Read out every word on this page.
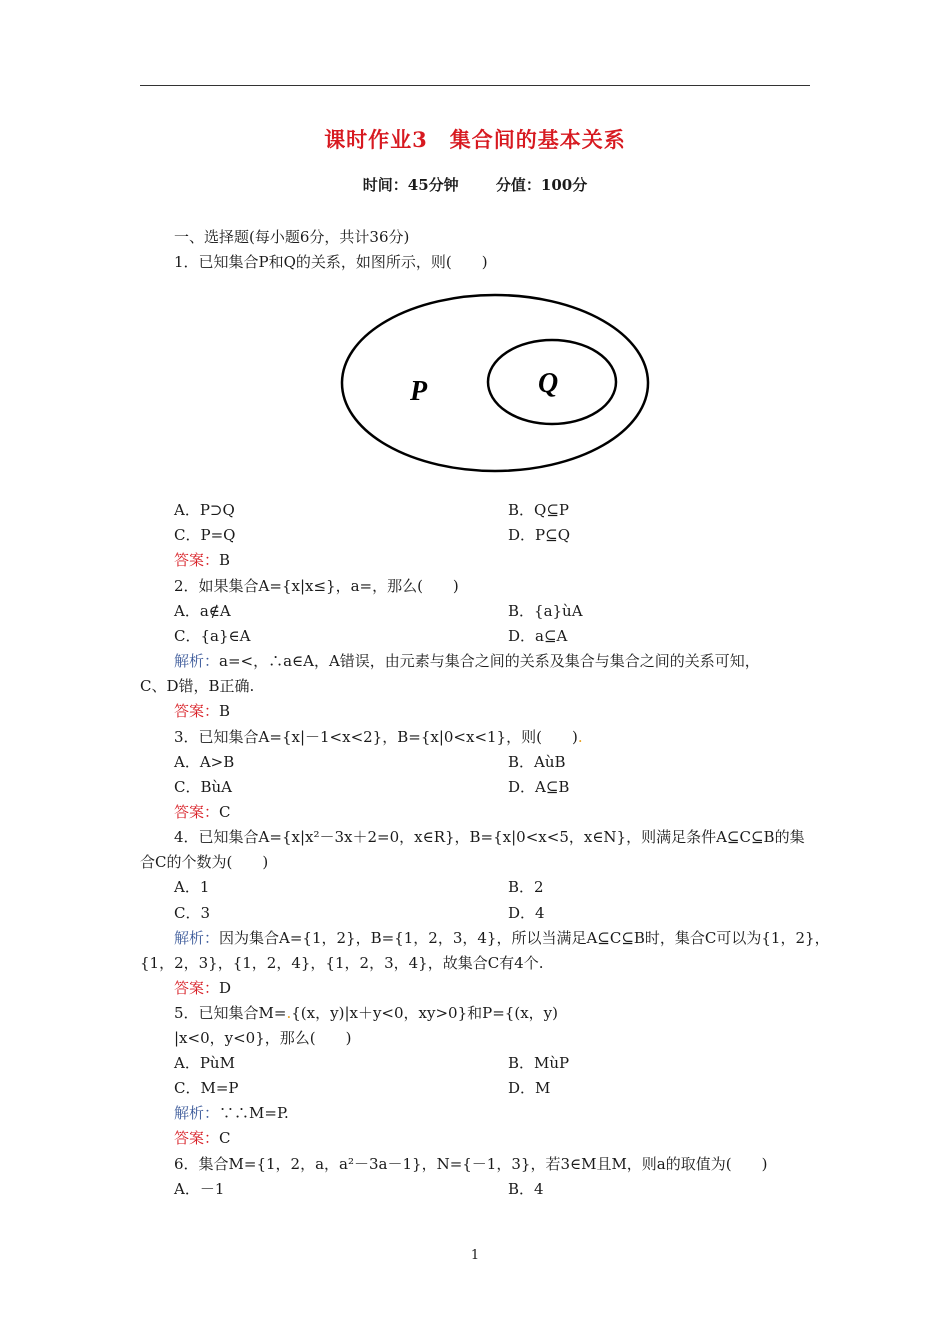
课时作业3　集合间的基本关系
时间：45分钟 分值：100分
一、选择题(每小题6分，共计36分)
1．已知集合P和Q的关系，如图所示，则(　　)
P	Q
A．P⊃Q	B．Q⊆P
C．P=Q	D．P⊆Q
答案：B
2．如果集合A={x|x≤}，a=，那么(　　)
A．a∉A	B．{a}ùA
C．{a}∈A	D．a⊆A
解析：a=<，∴a∈A，A错误，由元素与集合之间的关系及集合与集合之间的关系可知，
C、D错，B正确.
答案：B
3．已知集合A={x|－1<x<2}，B={x|0<x<1}，则(　　).
A．A>B	B．AùB
C．BùA	D．A⊆B
答案：C
4．已知集合A={x|x²－3x＋2=0，x∈R}，B={x|0<x<5，x∈N}，则满足条件A⊆C⊆B的集
合C的个数为(　　)
A．1	B．2
C．3	D．4
解析：因为集合A={1，2}，B={1，2，3，4}，所以当满足A⊆C⊆B时，集合C可以为{1，2}，
{1，2，3}，{1，2，4}，{1，2，3，4}，故集合C有4个.
答案：D
5．已知集合M=.{(x，y)|x＋y<0，xy>0}和P={(x，y)
|x<0，y<0}，那么(　　)
A．PùM	B．MùP
C．M=P	D．M
解析：∵∴M=P.
答案：C
6．集合M={1，2，a，a²－3a－1}，N={－1，3}，若3∈M且M，则a的取值为(　　)
A．－1	B．4
1
